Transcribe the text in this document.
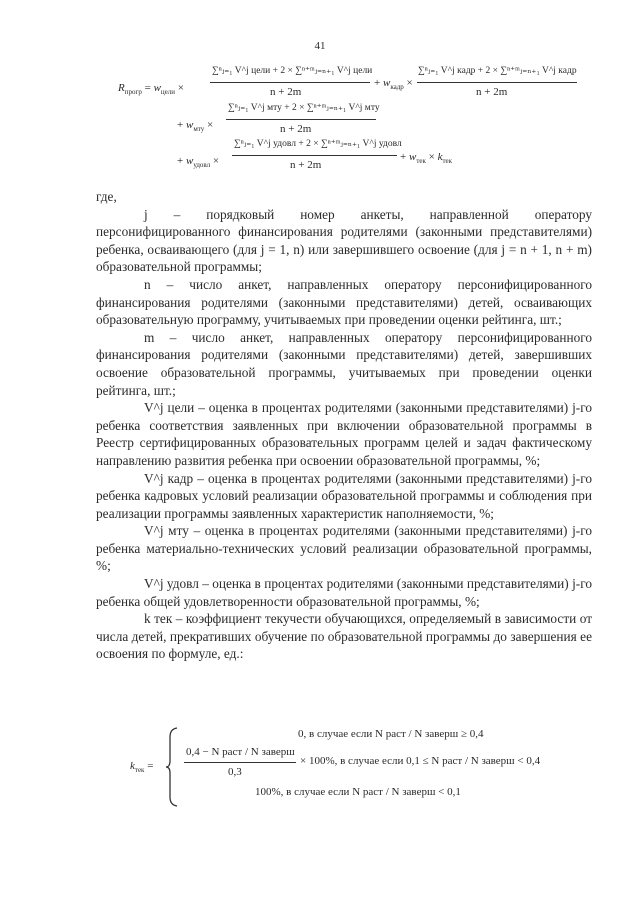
41
$R_{прогр} = w_{цели}$ ×
∑ⁿⱼ₌₁ V^j цели + 2 × ∑ⁿ⁺ᵐⱼ₌ₙ₊₁ V^j цели
n + 2m
+ $w_{кадр}$ ×
∑ⁿⱼ₌₁ V^j кадр + 2 × ∑ⁿ⁺ᵐⱼ₌ₙ₊₁ V^j кадр
n + 2m
+ $w_{мту}$ ×
∑ⁿⱼ₌₁ V^j мту + 2 × ∑ⁿ⁺ᵐⱼ₌ₙ₊₁ V^j мту
n + 2m
+ $w_{удовл}$ ×
∑ⁿⱼ₌₁ V^j удовл + 2 × ∑ⁿ⁺ᵐⱼ₌ₙ₊₁ V^j удовл
n + 2m
+ $w_{тек} \times k_{тек}$

где,

j – порядковый номер анкеты, направленной оператору персонифицированного финансирования родителями (законными представителями) ребенка, осваивающего (для j = 1, n) или завершившего освоение (для j = n + 1, n + m) образовательной программы;

n – число анкет, направленных оператору персонифицированного финансирования родителями (законными представителями) детей, осваивающих образовательную программу, учитываемых при проведении оценки рейтинга, шт.;

m – число анкет, направленных оператору персонифицированного финансирования родителями (законными представителями) детей, завершивших освоение образовательной программы, учитываемых при проведении оценки рейтинга, шт.;

V^j цели – оценка в процентах родителями (законными представителями) j-го ребенка соответствия заявленных при включении образовательной программы в Реестр сертифицированных образовательных программ целей и задач фактическому направлению развития ребенка при освоении образовательной программы, %;

V^j кадр – оценка в процентах родителями (законными представителями) j-го ребенка кадровых условий реализации образовательной программы и соблюдения при реализации программы заявленных характеристик наполняемости, %;

V^j мту – оценка в процентах родителями (законными представителями) j-го ребенка материально-технических условий реализации образовательной программы, %;

V^j удовл – оценка в процентах родителями (законными представителями) j-го ребенка общей удовлетворенности образовательной программы, %;

k тек – коэффициент текучести обучающихся, определяемый в зависимости от числа детей, прекративших обучение по образовательной программы до завершения ее освоения по формуле, ед.:

$k_{тек}$ =
0, в случае если N раст / N заверш ≥ 0,4
0,4 − N раст / N заверш
0,3
× 100%, в случае если 0,1 ≤ N раст / N заверш < 0,4
100%, в случае если N раст / N заверш < 0,1
